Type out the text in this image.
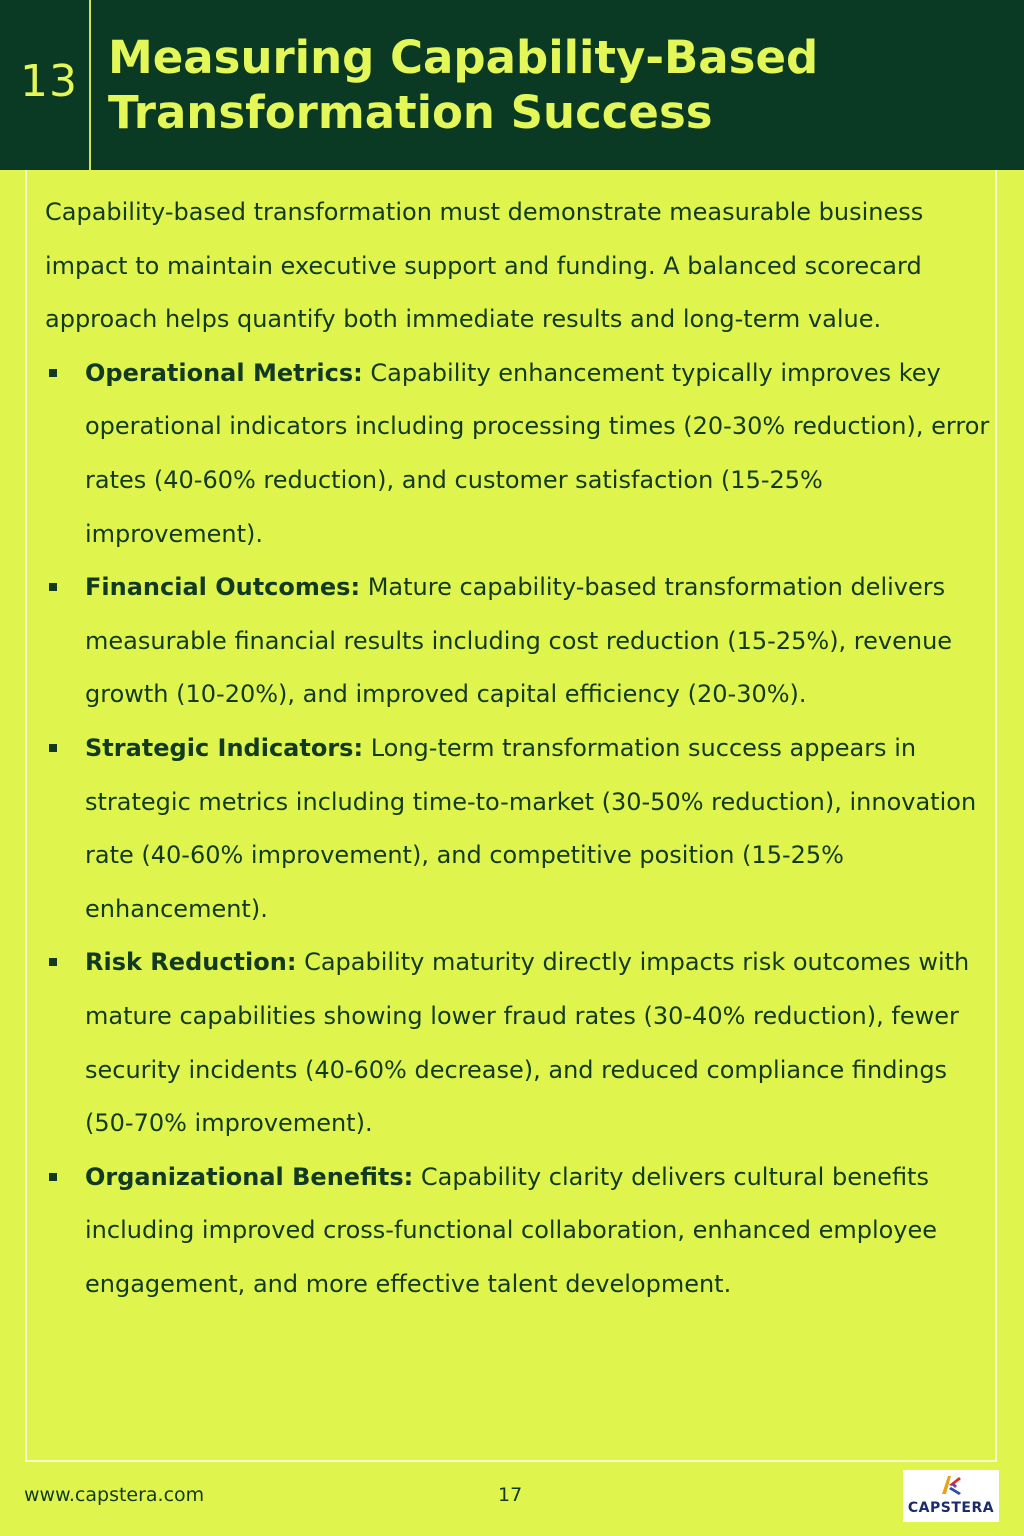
13 Measuring Capability-Based
Transformation Success

Capability-based transformation must demonstrate measurable business impact to maintain executive support and funding. A balanced scorecard approach helps quantify both immediate results and long-term value.

Operational Metrics: Capability enhancement typically improves key operational indicators including processing times (20-30% reduction), error rates (40-60% reduction), and customer satisfaction (15-25% improvement).
Financial Outcomes: Mature capability-based transformation delivers measurable financial results including cost reduction (15-25%), revenue growth (10-20%), and improved capital efficiency (20-30%).
Strategic Indicators: Long-term transformation success appears in strategic metrics including time-to-market (30-50% reduction), innovation rate (40-60% improvement), and competitive position (15-25% enhancement).
Risk Reduction: Capability maturity directly impacts risk outcomes with mature capabilities showing lower fraud rates (30-40% reduction), fewer security incidents (40-60% decrease), and reduced compliance findings (50-70% improvement).
Organizational Benefits: Capability clarity delivers cultural benefits including improved cross-functional collaboration, enhanced employee engagement, and more effective talent development.
www.capstera.com	17
CAPSTERA
